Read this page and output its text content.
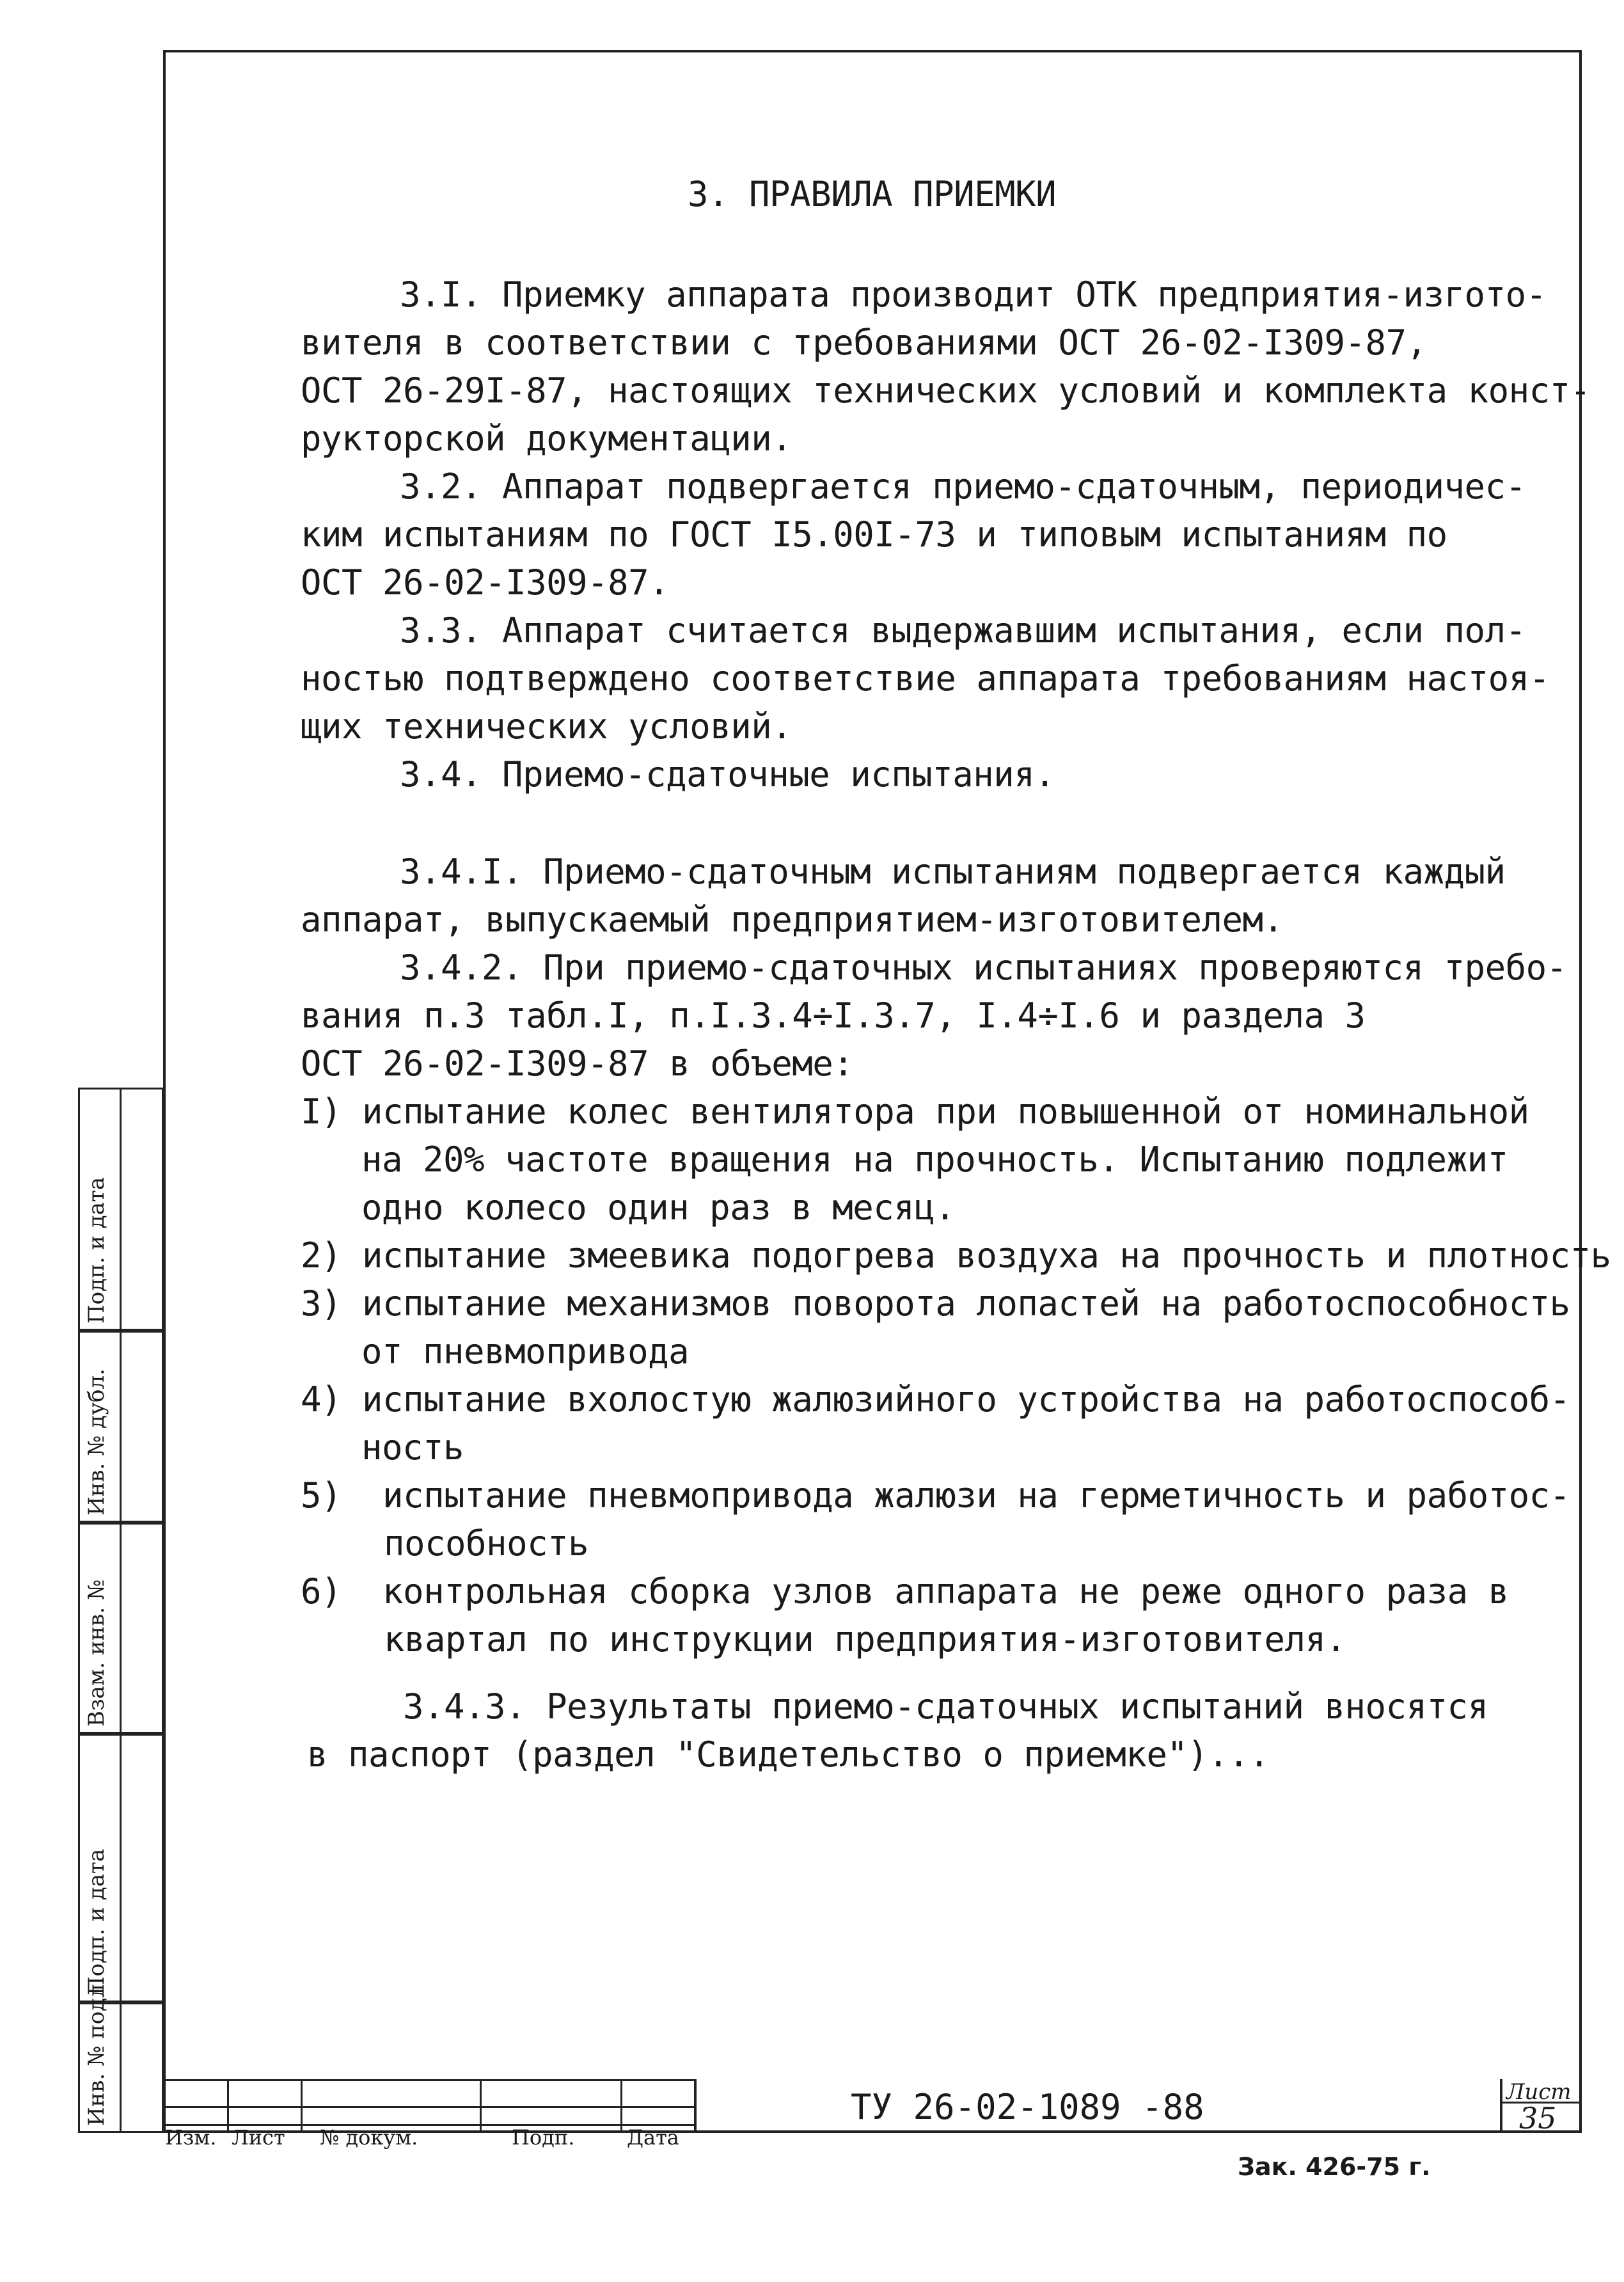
3. ПРАВИЛА ПРИЕМКИ
3.I. Приемку аппарата производит ОТК предприятия-изгото-
вителя в соответствии с требованиями ОСТ 26-02-I309-87,
ОСТ 26-29I-87, настоящих технических условий и комплекта конст-
рукторской документации.
3.2. Аппарат подвергается приемо-сдаточным, периодичес-
ким испытаниям по ГОСТ I5.00I-73 и типовым испытаниям по
ОСТ 26-02-I309-87.
3.3. Аппарат считается выдержавшим испытания, если пол-
ностью подтверждено соответствие аппарата требованиям настоя-
щих технических условий.
3.4. Приемо-сдаточные испытания.
3.4.I. Приемо-сдаточным испытаниям подвергается каждый
аппарат, выпускаемый предприятием-изготовителем.
3.4.2. При приемо-сдаточных испытаниях проверяются требо-
вания п.3 табл.I, п.I.3.4÷I.3.7, I.4÷I.6 и раздела 3
ОСТ 26-02-I309-87 в объеме:
I) испытание колес вентилятора при повышенной от номинальной
на 20% частоте вращения на прочность. Испытанию подлежит
одно колесо один раз в месяц.
2) испытание змеевика подогрева воздуха на прочность и плотность
3) испытание механизмов поворота лопастей на работоспособность
от пневмопривода
4) испытание вхолостую жалюзийного устройства на работоспособ-
ность
5)  испытание пневмопривода жалюзи на герметичность и работос-
пособность
6)  контрольная сборка узлов аппарата не реже одного раза в
квартал по инструкции предприятия-изготовителя.
3.4.3. Результаты приемо-сдаточных испытаний вносятся
в паспорт (раздел "Свидетельство о приемке")...
Подп. и дата
Инв. № дубл.
Взам. инв. №
Подп. и дата
Инв. № подл.
Изм. Лист № докум.	Подп.	Дата
ТУ 26-02-1089 -88	Лист
35
Зак. 426-75 г.
